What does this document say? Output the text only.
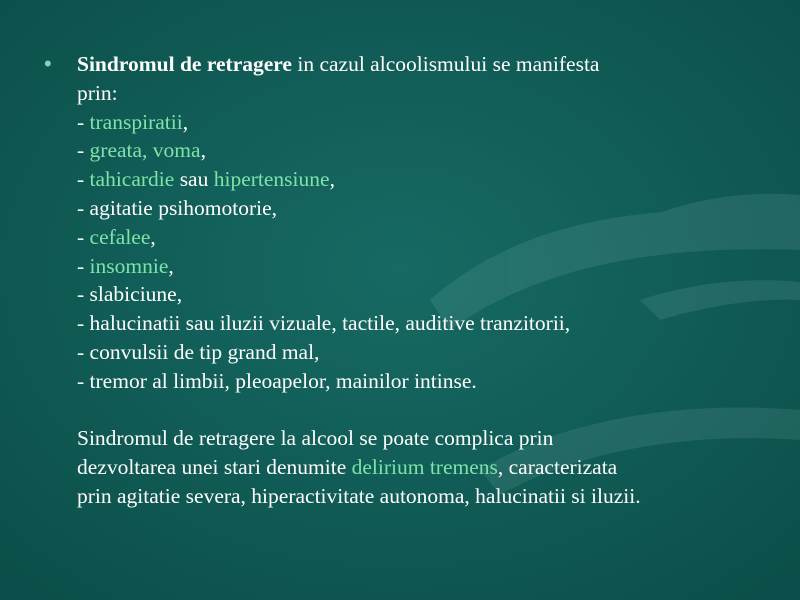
• Sindromul de retragere in cazul alcoolismului se manifesta
prin:
- transpiratii,
- greata, voma,
- tahicardie sau hipertensiune,
- agitatie psihomotorie,
- cefalee,
- insomnie,
- slabiciune,
- halucinatii sau iluzii vizuale, tactile, auditive tranzitorii,
- convulsii de tip grand mal,
- tremor al limbii, pleoapelor, mainilor intinse.
Sindromul de retragere la alcool se poate complica prin
dezvoltarea unei stari denumite delirium tremens, caracterizata
prin agitatie severa, hiperactivitate autonoma, halucinatii si iluzii.
